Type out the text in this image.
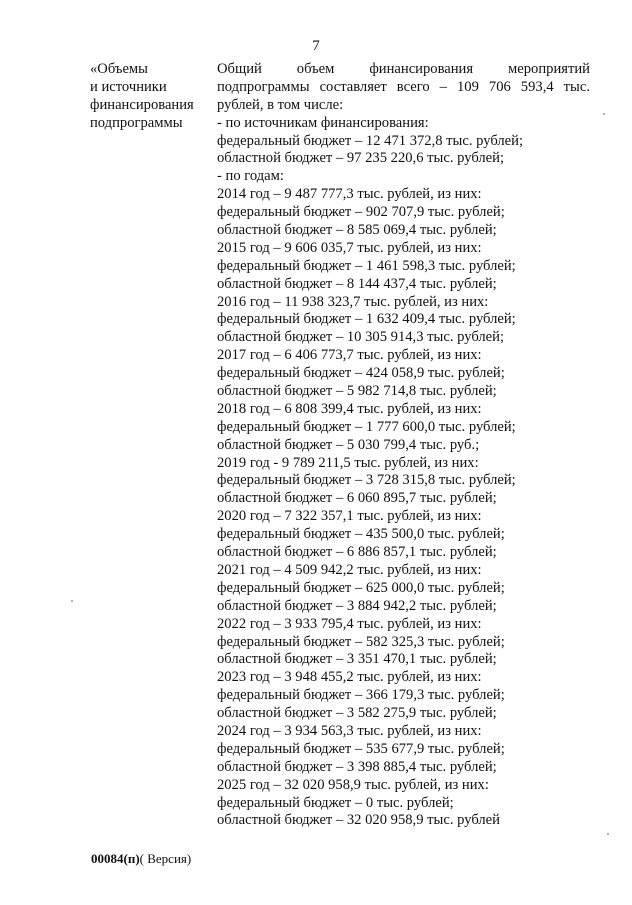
7
«Объемы
и источники
финансирования
подпрограммы
Общий объем финансирования мероприятий
подпрограммы составляет всего – 109 706 593,4 тыс.
рублей, в том числе:
- по источникам финансирования:
федеральный бюджет – 12 471 372,8 тыс. рублей;
областной бюджет – 97 235 220,6 тыс. рублей;
- по годам:
2014 год – 9 487 777,3 тыс. рублей, из них:
федеральный бюджет – 902 707,9 тыс. рублей;
областной бюджет – 8 585 069,4 тыс. рублей;
2015 год – 9 606 035,7 тыс. рублей, из них:
федеральный бюджет – 1 461 598,3 тыс. рублей;
областной бюджет – 8 144 437,4 тыс. рублей;
2016 год – 11 938 323,7 тыс. рублей, из них:
федеральный бюджет – 1 632 409,4 тыс. рублей;
областной бюджет – 10 305 914,3 тыс. рублей;
2017 год – 6 406 773,7 тыс. рублей, из них:
федеральный бюджет – 424 058,9 тыс. рублей;
областной бюджет – 5 982 714,8 тыс. рублей;
2018 год – 6 808 399,4 тыс. рублей, из них:
федеральный бюджет – 1 777 600,0 тыс. рублей;
областной бюджет – 5 030 799,4 тыс. руб.;
2019 год - 9 789 211,5 тыс. рублей, из них:
федеральный бюджет – 3 728 315,8 тыс. рублей;
областной бюджет – 6 060 895,7 тыс. рублей;
2020 год – 7 322 357,1 тыс. рублей, из них:
федеральный бюджет – 435 500,0 тыс. рублей;
областной бюджет – 6 886 857,1 тыс. рублей;
2021 год – 4 509 942,2 тыс. рублей, из них:
федеральный бюджет – 625 000,0 тыс. рублей;
областной бюджет – 3 884 942,2 тыс. рублей;
2022 год – 3 933 795,4 тыс. рублей, из них:
федеральный бюджет – 582 325,3 тыс. рублей;
областной бюджет – 3 351 470,1 тыс. рублей;
2023 год – 3 948 455,2 тыс. рублей, из них:
федеральный бюджет – 366 179,3 тыс. рублей;
областной бюджет – 3 582 275,9 тыс. рублей;
2024 год – 3 934 563,3 тыс. рублей, из них:
федеральный бюджет – 535 677,9 тыс. рублей;
областной бюджет – 3 398 885,4 тыс. рублей;
2025 год – 32 020 958,9 тыс. рублей, из них:
федеральный бюджет – 0 тыс. рублей;
областной бюджет – 32 020 958,9 тыс. рублей
00084(п)( Версия)
